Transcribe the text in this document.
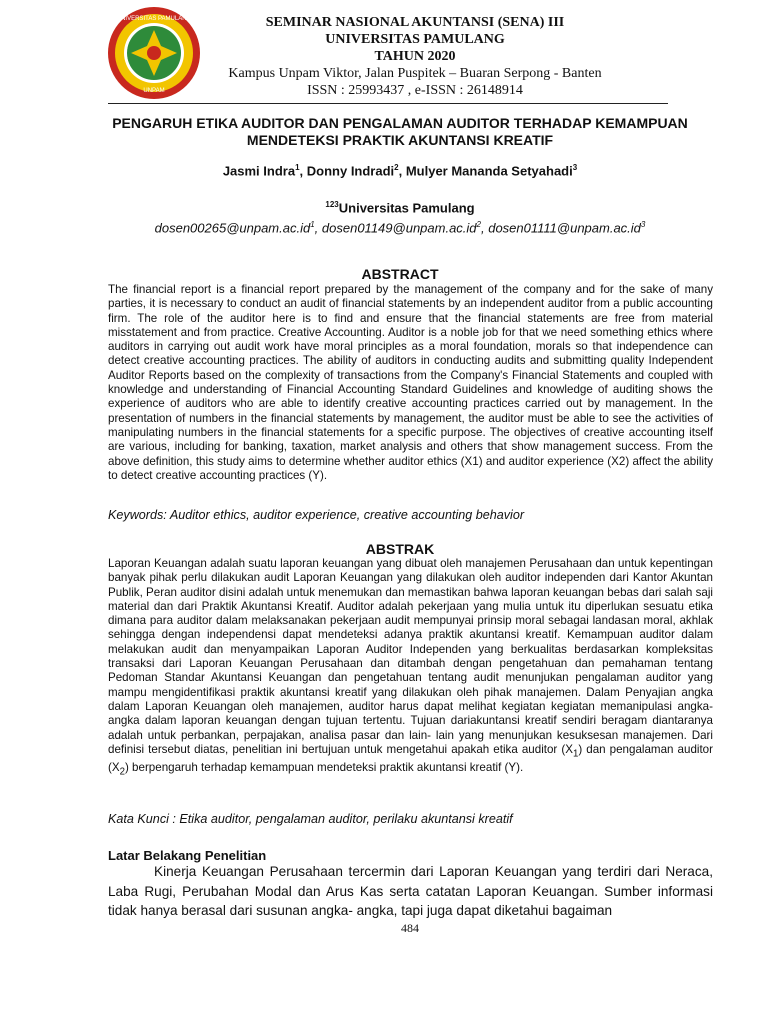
UNIVERSITAS PAMULANG
UNPAM

SEMINAR NASIONAL AKUNTANSI (SENA) III

UNIVERSITAS PAMULANG

TAHUN 2020

Kampus Unpam Viktor, Jalan Puspitek – Buaran Serpong - Banten

ISSN : 25993437 , e-ISSN : 26148914

PENGARUH ETIKA AUDITOR DAN PENGALAMAN AUDITOR TERHADAP KEMAMPUAN
MENDETEKSI PRAKTIK AKUNTANSI KREATIF

Jasmi Indra$^1$, Donny Indradi$^2$, Mulyer Mananda Setyahadi$^3$

$^{123}$Universitas Pamulang

$dosen00265@unpam.ac.id^1$, $dosen01149@unpam.ac.id^2$, $dosen01111@unpam.ac.id^3$

ABSTRACT

The financial report is a financial report prepared by the management of the company and for the sake of many parties, it is necessary to conduct an audit of financial statements by an independent auditor from a public accounting firm. The role of the auditor here is to find and ensure that the financial statements are free from material misstatement and from practice. Creative Accounting. Auditor is a noble job for that we need something ethics where auditors in carrying out audit work have moral principles as a moral foundation, morals so that independence can detect creative accounting practices. The ability of auditors in conducting audits and submitting quality Independent Auditor Reports based on the complexity of transactions from the Company's Financial Statements and coupled with knowledge and understanding of Financial Accounting Standard Guidelines and knowledge of auditing shows the experience of auditors who are able to identify creative accounting practices carried out by management. In the presentation of numbers in the financial statements by management, the auditor must be able to see the activities of manipulating numbers in the financial statements for a specific purpose. The objectives of creative accounting itself are various, including for banking, taxation, market analysis and others that show management success. From the above definition, this study aims to determine whether auditor ethics (X1) and auditor experience (X2) affect the ability to detect creative accounting practices (Y).

Keywords: Auditor ethics, auditor experience, creative accounting behavior

ABSTRAK

Laporan Keuangan adalah suatu laporan keuangan yang dibuat oleh manajemen Perusahaan dan untuk kepentingan banyak pihak perlu dilakukan audit Laporan Keuangan yang dilakukan oleh auditor independen dari Kantor Akuntan Publik, Peran auditor disini adalah untuk menemukan dan memastikan bahwa laporan keuangan bebas dari salah saji material dan dari Praktik Akuntansi Kreatif. Auditor adalah pekerjaan yang mulia untuk itu diperlukan sesuatu etika dimana para auditor dalam melaksanakan pekerjaan audit mempunyai prinsip moral sebagai landasan moral, akhlak sehingga dengan independensi dapat mendeteksi adanya praktik akuntansi kreatif. Kemampuan auditor dalam melakukan audit dan menyampaikan Laporan Auditor Independen yang berkualitas berdasarkan kompleksitas transaksi dari Laporan Keuangan Perusahaan dan ditambah dengan pengetahuan dan pemahaman tentang Pedoman Standar Akuntansi Keuangan dan pengetahuan tentang audit menunjukan pengalaman auditor yang mampu mengidentifikasi praktik akuntansi kreatif yang dilakukan oleh pihak manajemen. Dalam Penyajian angka dalam Laporan Keuangan oleh manajemen, auditor harus dapat melihat kegiatan kegiatan memanipulasi angka-angka dalam laporan keuangan dengan tujuan tertentu. Tujuan dariakuntansi kreatif sendiri beragam diantaranya adalah untuk perbankan, perpajakan, analisa pasar dan lain- lain yang menunjukan kesuksesan manajemen. Dari definisi tersebut diatas, penelitian ini bertujuan untuk mengetahui apakah etika auditor $(X_1)$ dan pengalaman auditor $(X_2)$ berpengaruh terhadap kemampuan mendeteksi praktik akuntansi kreatif (Y).

Kata Kunci : Etika auditor, pengalaman auditor, perilaku akuntansi kreatif

Latar Belakang Penelitian

Kinerja Keuangan Perusahaan tercermin dari Laporan Keuangan yang terdiri dari Neraca, Laba Rugi, Perubahan Modal dan Arus Kas serta catatan Laporan Keuangan. Sumber informasi tidak hanya berasal dari susunan angka- angka, tapi juga dapat diketahui bagaiman

484
